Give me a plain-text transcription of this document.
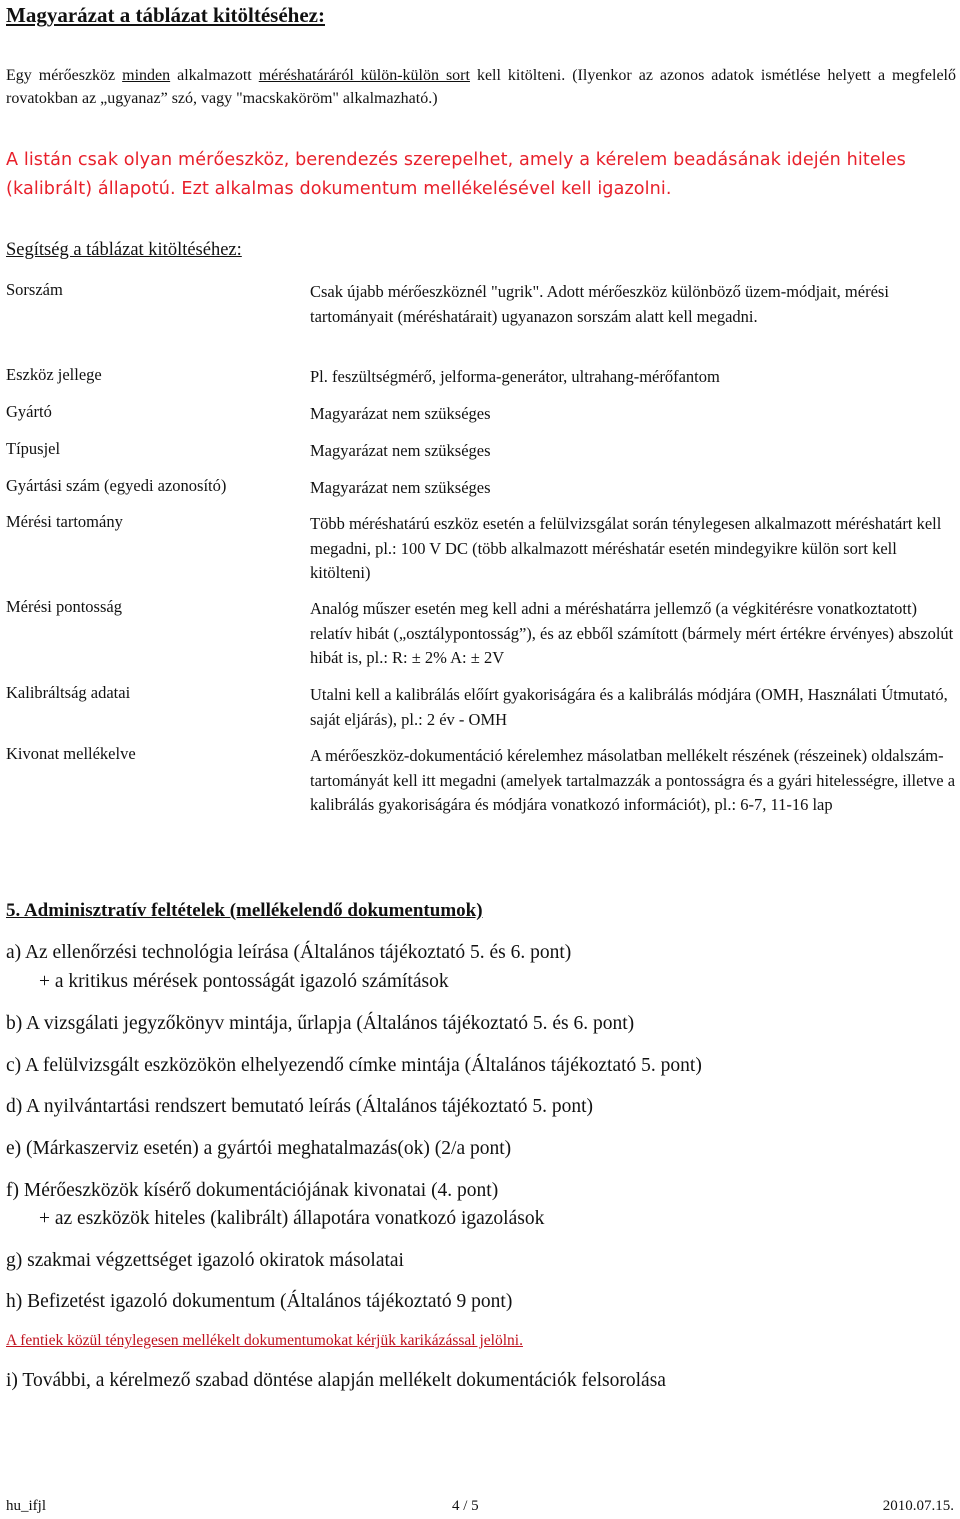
Magyarázat a táblázat kitöltéséhez:
Egy mérőeszköz minden alkalmazott méréshatáráról külön-külön sort kell kitölteni. (Ilyenkor az azonos adatok ismétlése helyett a megfelelő rovatokban az „ugyanaz” szó, vagy "macskaköröm" alkalmazható.)
A listán csak olyan mérőeszköz, berendezés szerepelhet, amely a kérelem beadásának idején hiteles (kalibrált) állapotú. Ezt alkalmas dokumentum mellékelésével kell igazolni.
Segítség a táblázat kitöltéséhez:
Sorszám	Csak újabb mérőeszköznél "ugrik". Adott mérőeszköz különböző üzem-módjait, mérési tartományait (méréshatárait) ugyanazon sorszám alatt kell megadni.
Eszköz jellege	Pl. feszültségmérő, jelforma-generátor, ultrahang-mérőfantom
Gyártó	Magyarázat nem szükséges
Típusjel	Magyarázat nem szükséges
Gyártási szám (egyedi azonosító)	Magyarázat nem szükséges
Mérési tartomány	Több méréshatárú eszköz esetén a felülvizsgálat során ténylegesen alkalmazott méréshatárt kell megadni, pl.: 100 V DC (több alkalmazott méréshatár esetén mindegyikre külön sort kell kitölteni)
Mérési pontosság	Analóg műszer esetén meg kell adni a méréshatárra jellemző (a végkitérésre vonatkoztatott) relatív hibát („osztálypontosság”), és az ebből számított (bármely mért értékre érvényes) abszolút hibát is, pl.: R: ± 2% A: ± 2V
Kalibráltság adatai	Utalni kell a kalibrálás előírt gyakoriságára és a kalibrálás módjára (OMH, Használati Útmutató, saját eljárás), pl.: 2 év - OMH
Kivonat mellékelve	A mérőeszköz-dokumentáció kérelemhez másolatban mellékelt részének (részeinek) oldalszám-tartományát kell itt megadni (amelyek tartalmazzák a pontosságra és a gyári hitelességre, illetve a kalibrálás gyakoriságára és módjára vonatkozó információt), pl.: 6-7, 11-16 lap
5. Adminisztratív feltételek (mellékelendő dokumentumok)
a) Az ellenőrzési technológia leírása (Általános tájékoztató 5. és 6. pont)
+ a kritikus mérések pontosságát igazoló számítások
b) A vizsgálati jegyzőkönyv mintája, űrlapja (Általános tájékoztató 5. és 6. pont)
c) A felülvizsgált eszközökön elhelyezendő címke mintája (Általános tájékoztató 5. pont)
d) A nyilvántartási rendszert bemutató leírás (Általános tájékoztató 5. pont)
e) (Márkaszerviz esetén) a gyártói meghatalmazás(ok) (2/a pont)
f) Mérőeszközök kísérő dokumentációjának kivonatai (4. pont)
+ az eszközök hiteles (kalibrált) állapotára vonatkozó igazolások
g) szakmai végzettséget igazoló okiratok másolatai
h) Befizetést igazoló dokumentum (Általános tájékoztató 9 pont)
A fentiek közül ténylegesen mellékelt dokumentumokat kérjük karikázással jelölni.
i) További, a kérelmező szabad döntése alapján mellékelt dokumentációk felsorolása
hu_ifjl	4 / 5	2010.07.15.
